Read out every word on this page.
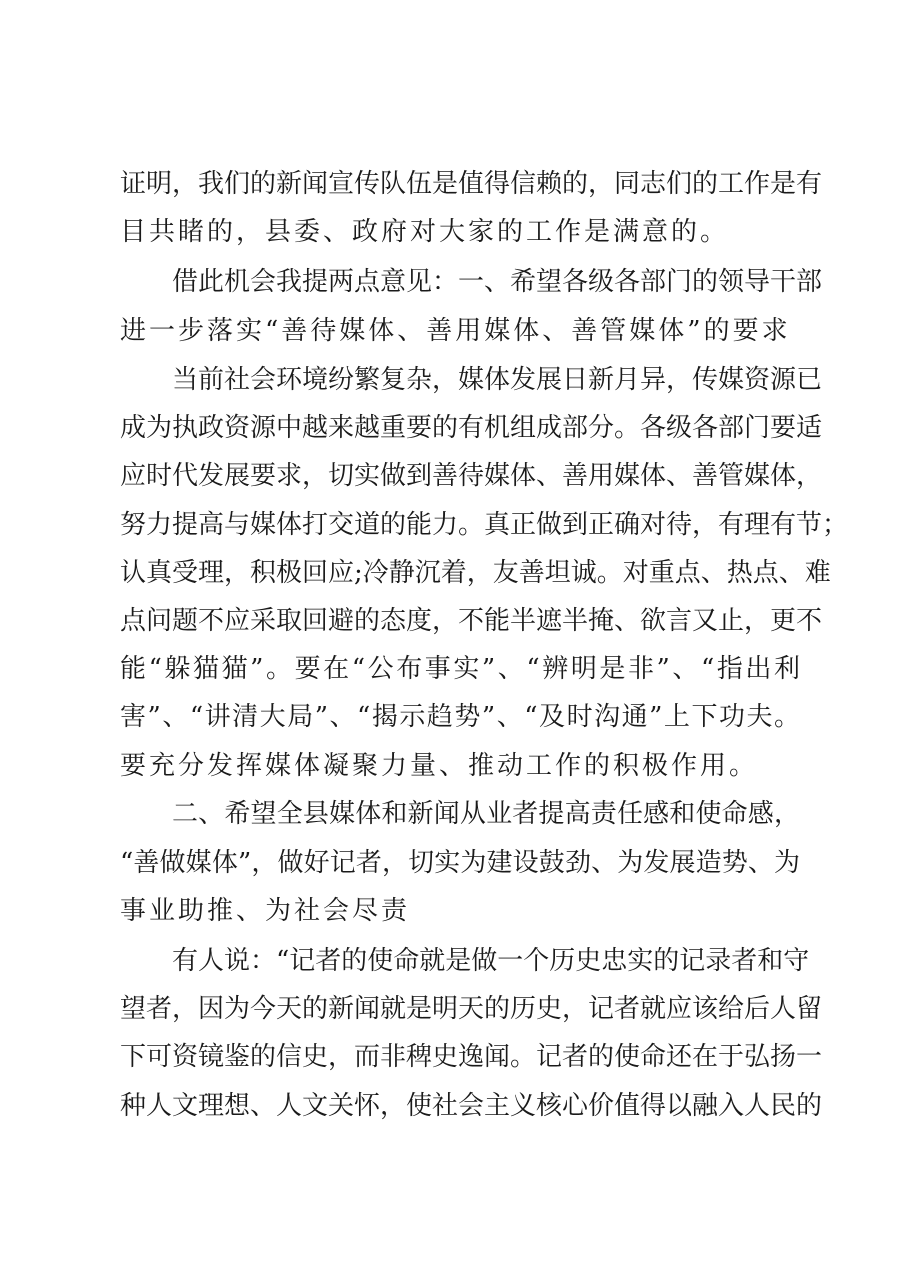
证明，我们的新闻宣传队伍是值得信赖的，同志们的工作是有
目共睹的，县委、政府对大家的工作是满意的。
借此机会我提两点意见：一、希望各级各部门的领导干部
进一步落实“善待媒体、善用媒体、善管媒体”的要求
当前社会环境纷繁复杂，媒体发展日新月异，传媒资源已
成为执政资源中越来越重要的有机组成部分。各级各部门要适
应时代发展要求，切实做到善待媒体、善用媒体、善管媒体，
努力提高与媒体打交道的能力。真正做到正确对待，有理有节；
认真受理，积极回应;冷静沉着，友善坦诚。对重点、热点、难
点问题不应采取回避的态度，不能半遮半掩、欲言又止，更不
能“躲猫猫”。要在“公布事实”、“辨明是非”、“指出利
害”、“讲清大局”、“揭示趋势”、“及时沟通”上下功夫。
要充分发挥媒体凝聚力量、推动工作的积极作用。
二、希望全县媒体和新闻从业者提高责任感和使命感，
“善做媒体”，做好记者，切实为建设鼓劲、为发展造势、为
事业助推、为社会尽责
有人说：“记者的使命就是做一个历史忠实的记录者和守
望者，因为今天的新闻就是明天的历史，记者就应该给后人留
下可资镜鉴的信史，而非稗史逸闻。记者的使命还在于弘扬一
种人文理想、人文关怀，使社会主义核心价值得以融入人民的
